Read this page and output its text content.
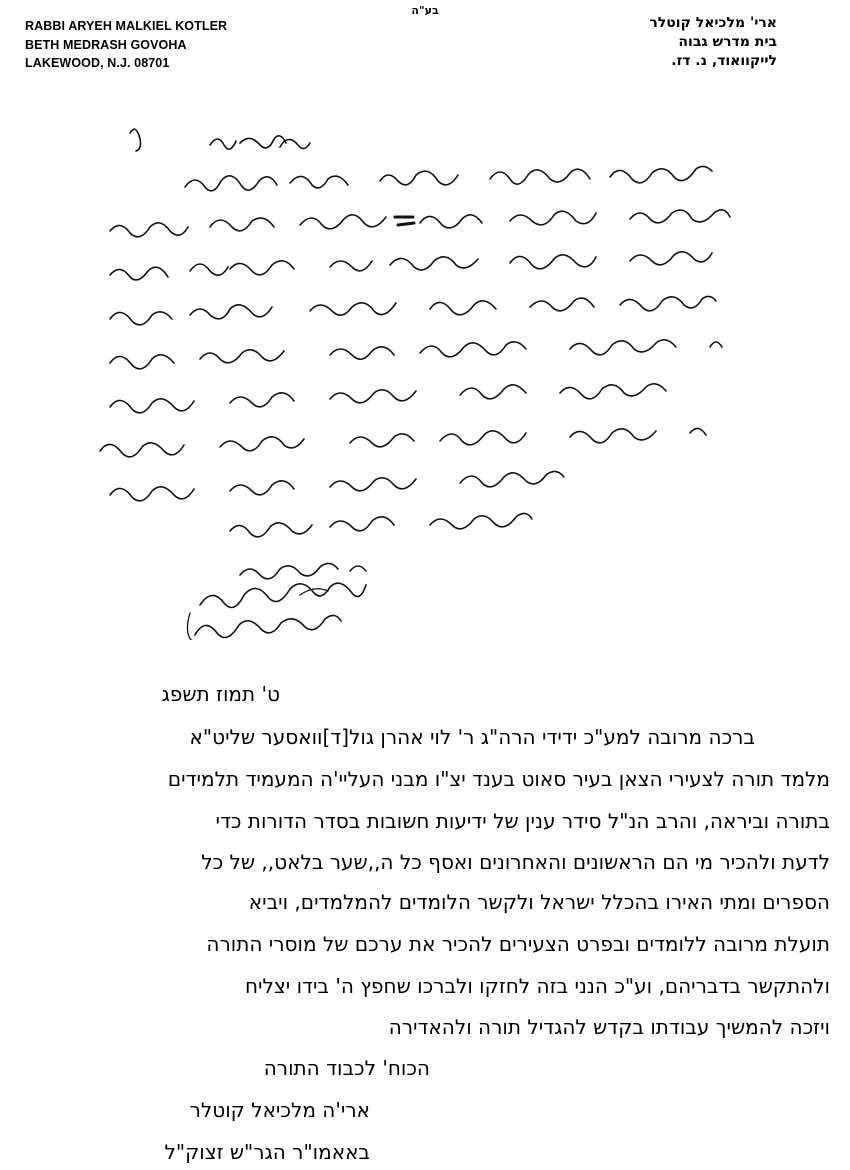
בע"ה
RABBI ARYEH MALKIEL KOTLER
BETH MEDRASH GOVOHA
LAKEWOOD, N.J. 08701
ארי' מלכיאל קוטלר
בית מדרש גבוה
לייקוואוד, נ. דז.
ט' תמוז תשפג
ברכה מרובה למע"כ ידידי הרה"ג ר' לוי אהרן גול[ד]וואסער שליט"א
מלמד תורה לצעירי הצאן בעיר סאוט בענד יצ"ו מבני העליי'ה המעמיד תלמידים
בתורה וביראה, והרב הנ"ל סידר ענין של ידיעות חשובות בסדר הדורות כדי
לדעת ולהכיר מי הם הראשונים והאחרונים ואסף כל ה,,שער בלאט,, של כל
הספרים ומתי האירו בהכלל ישראל ולקשר הלומדים להמלמדים, ויביא
תועלת מרובה ללומדים ובפרט הצעירים להכיר את ערכם של מוסרי התורה
ולהתקשר בדבריהם, וע"כ הנני בזה לחזקו ולברכו שחפץ ה' בידו יצליח
ויזכה להמשיך עבודתו בקדש להגדיל תורה ולהאדירה
הכוח' לכבוד התורה
ארי'ה מלכיאל קוטלר
באאמו"ר הגר"ש זצוק"ל
